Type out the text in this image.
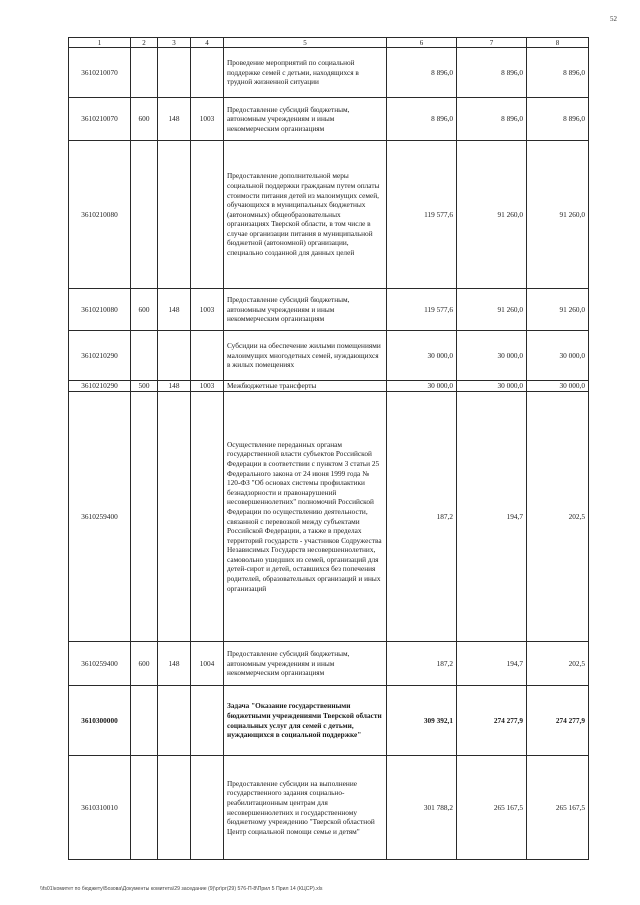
52
1	2	3	4	5	6	7	8
3610210070				Проведение мероприятий по социальной поддержке семей с детьми, находящихся в трудной жизненной ситуации	8 896,0	8 896,0	8 896,0
3610210070	600	148	1003	Предоставление субсидий бюджетным, автономным учреждениям и иным некоммерческим организациям	8 896,0	8 896,0	8 896,0
3610210080				Предоставление дополнительной меры социальной поддержки гражданам путем оплаты стоимости питания детей из малоимущих семей, обучающихся в муниципальных бюджетных (автономных) общеобразовательных организациях Тверской области, в том числе в случае организации питания в муниципальной бюджетной (автономной) организации, специально созданной для данных целей	119 577,6	91 260,0	91 260,0
3610210080	600	148	1003	Предоставление субсидий бюджетным, автономным учреждениям и иным некоммерческим организациям	119 577,6	91 260,0	91 260,0
3610210290				Субсидии на обеспечение жилыми помещениями малоимущих многодетных семей, нуждающихся в жилых помещениях	30 000,0	30 000,0	30 000,0
3610210290	500	148	1003	Межбюджетные трансферты	30 000,0	30 000,0	30 000,0
3610259400				Осуществление переданных органам государственной власти субъектов Российской Федерации в соответствии с пунктом 3 статьи 25 Федерального закона от 24 июня 1999 года № 120-ФЗ "Об основах системы профилактики безнадзорности и правонарушений несовершеннолетних" полномочий Российской Федерации по осуществлению деятельности, связанной с перевозкой между субъектами Российской Федерации, а также в пределах территорий государств - участников Содружества Независимых Государств несовершеннолетних, самовольно ушедших из семей, организаций для детей-сирот и детей, оставшихся без попечения родителей, образовательных организаций и иных организаций	187,2	194,7	202,5
3610259400	600	148	1004	Предоставление субсидий бюджетным, автономным учреждениям и иным некоммерческим организациям	187,2	194,7	202,5
3610300000				Задача "Оказание государственными бюджетными учреждениями Тверской области социальных услуг для семей с детьми, нуждающихся в социальной поддержке"	309 392,1	274 277,9	274 277,9
3610310010				Предоставление субсидии на выполнение государственного задания социально-реабилитационным центрам для несовершеннолетних и государственному бюджетному учреждению "Тверской областной Центр социальной помощи семье и детям"	301 788,2	265 167,5	265 167,5
\\fs01\комитет по бюджету\Бозова\Документы комитета\29 заседание (9)\рг\рг(29) 576-П-8\Прил 5 Прил 14 (КЦСР).xls
